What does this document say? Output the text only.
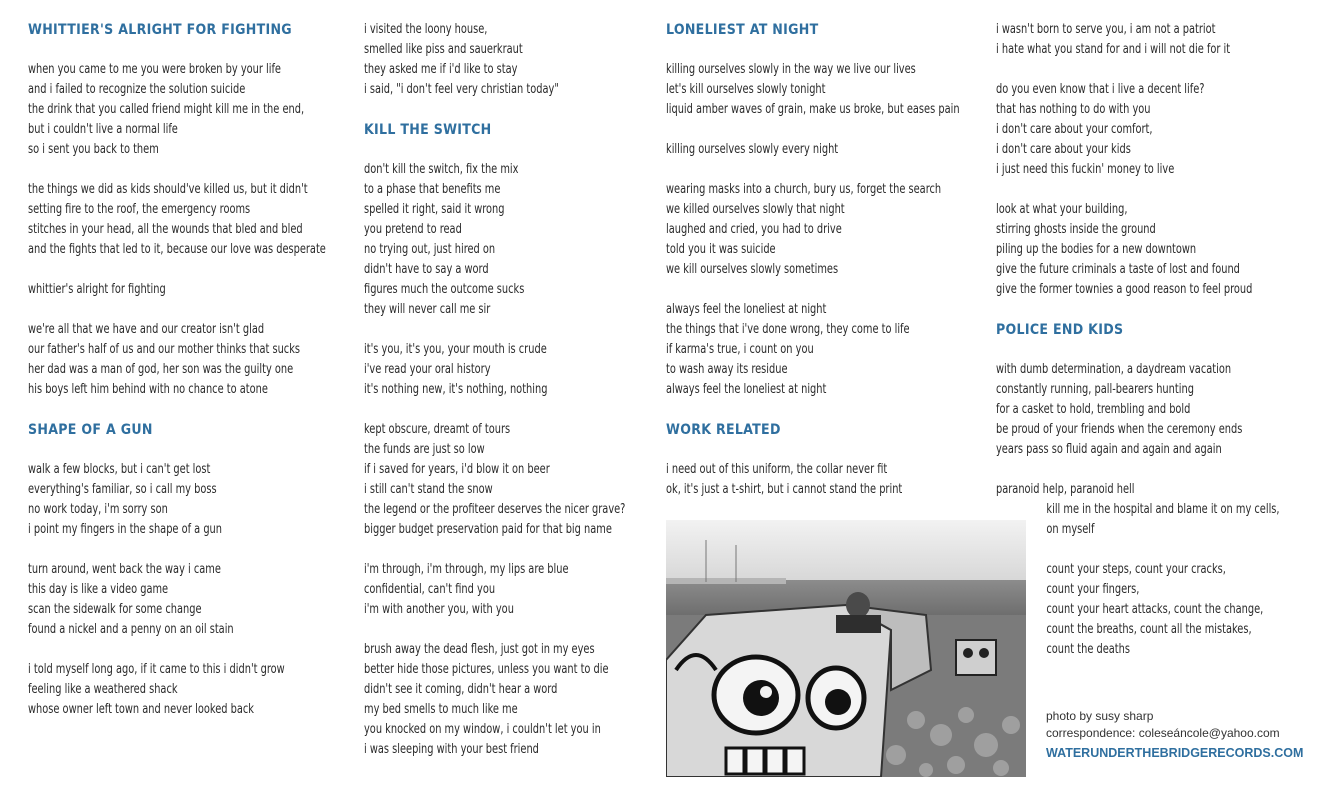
WHITTIER'S ALRIGHT FOR FIGHTING
when you came to me you were broken by your life
and i failed to recognize the solution suicide
the drink that you called friend might kill me in the end,
but i couldn't live a normal life
so i sent you back to them
the things we did as kids should've killed us, but it didn't
setting fire to the roof, the emergency rooms
stitches in your head, all the wounds that bled and bled
and the fights that led to it, because our love was desperate
whittier's alright for fighting
we're all that we have and our creator isn't glad
our father's half of us and our mother thinks that sucks
her dad was a man of god, her son was the guilty one
his boys left him behind with no chance to atone
SHAPE OF A GUN
walk a few blocks, but i can't get lost
everything's familiar, so i call my boss
no work today, i'm sorry son
i point my fingers in the shape of a gun
turn around, went back the way i came
this day is like a video game
scan the sidewalk for some change
found a nickel and a penny on an oil stain
i told myself long ago, if it came to this i didn't grow
feeling like a weathered shack
whose owner left town and never looked back
i visited the loony house,
smelled like piss and sauerkraut
they asked me if i'd like to stay
i said, "i don't feel very christian today"
KILL THE SWITCH
don't kill the switch, fix the mix
to a phase that benefits me
spelled it right, said it wrong
you pretend to read
no trying out, just hired on
didn't have to say a word
figures much the outcome sucks
they will never call me sir
it's you, it's you, your mouth is crude
i've read your oral history
it's nothing new, it's nothing, nothing
kept obscure, dreamt of tours
the funds are just so low
if i saved for years, i'd blow it on beer
i still can't stand the snow
the legend or the profiteer deserves the nicer grave?
bigger budget preservation paid for that big name
i'm through, i'm through, my lips are blue
confidential, can't find you
i'm with another you, with you
brush away the dead flesh, just got in my eyes
better hide those pictures, unless you want to die
didn't see it coming, didn't hear a word
my bed smells to much like me
you knocked on my window, i couldn't let you in
i was sleeping with your best friend
LONELIEST AT NIGHT
killing ourselves slowly in the way we live our lives
let's kill ourselves slowly tonight
liquid amber waves of grain, make us broke, but eases pain
killing ourselves slowly every night
wearing masks into a church, bury us, forget the search
we killed ourselves slowly that night
laughed and cried, you had to drive
told you it was suicide
we kill ourselves slowly sometimes
always feel the loneliest at night
the things that i've done wrong, they come to life
if karma's true, i count on you
to wash away its residue
always feel the loneliest at night
WORK RELATED
i need out of this uniform, the collar never fit
ok, it's just a t-shirt, but i cannot stand the print
i wasn't born to serve you, i am not a patriot
i hate what you stand for and i will not die for it
do you even know that i live a decent life?
that has nothing to do with you
i don't care about your comfort,
i don't care about your kids
i just need this fuckin' money to live
look at what your building,
stirring ghosts inside the ground
piling up the bodies for a new downtown
give the future criminals a taste of lost and found
give the former townies a good reason to feel proud
POLICE END KIDS
with dumb determination, a daydream vacation
constantly running, pall-bearers hunting
for a casket to hold, trembling and bold
be proud of your friends when the ceremony ends
years pass so fluid again and again and again
paranoid help, paranoid hell
kill me in the hospital and blame it on my cells,
on myself
count your steps, count your cracks,
count your fingers,
count your heart attacks, count the change,
count the breaths, count all the mistakes,
count the deaths
photo by susy sharp
correspondence: coleseáncole@yahoo.com
WATERUNDERTHEBRIDGERECORDS.COM
